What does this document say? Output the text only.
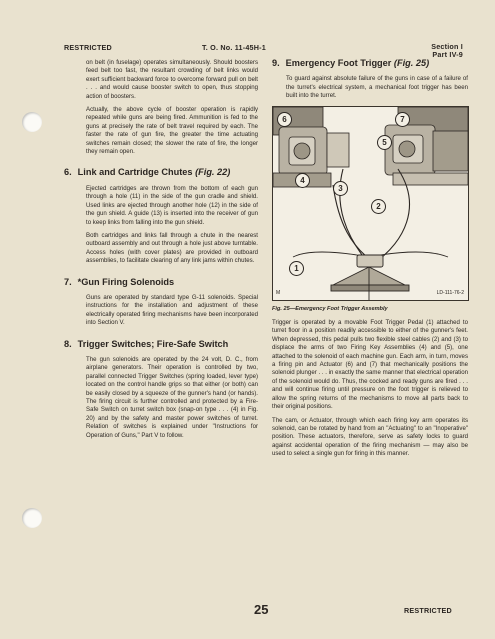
RESTRICTED	T. O. No. 11-45H-1	Section I
Part IV-9

on belt (in fuselage) operates simultaneously. Should boosters feed belt too fast, the resultant crowding of belt links would exert sufficient backward force to overcome forward pull on belt . . . and would cause booster switch to open, thus stopping action of boosters.

Actually, the above cycle of booster operation is rapidly repeated while guns are being fired. Ammunition is fed to the guns at precisely the rate of belt travel required by each. The faster the rate of gun fire, the greater the time actuating switches remain closed; the slower the rate of fire, the longer they remain open.

6. Link and Cartridge Chutes (Fig. 22)

Ejected cartridges are thrown from the bottom of each gun through a hole (11) in the side of the gun cradle and shield. Used links are ejected through another hole (12) in the side of the gun shield. A guide (13) is inserted into the receiver of gun to keep links from falling into the gun shield.

Both cartridges and links fall through a chute in the nearest outboard assembly and out through a hole just above turntable. Access holes (with cover plates) are provided in outboard assemblies, to facilitate clearing of any link jams within chutes.

7. *Gun Firing Solenoids

Guns are operated by standard type G-11 solenoids. Special instructions for the installation and adjustment of these electrically operated firing mechanisms have been incorporated into Section V.

8. Trigger Switches; Fire-Safe Switch

The gun solenoids are operated by the 24 volt, D. C., from airplane generators. Their operation is controlled by two, parallel connected Trigger Switches (spring loaded, lever type) located on the control handle grips so that either (or both) can be easily closed by a squeeze of the gunner's hand (or hands). The firing circuit is further controlled and protected by a Fire-Safe Switch on turret switch box (snap-on type . . . (4) in Fig. 20) and by the safety and master power switches of turret. Relation of switches is explained under "Instructions for Operation of Guns," Part V to follow.

9. Emergency Foot Trigger (Fig. 25)

To guard against absolute failure of the guns in case of a failure of the turret's electrical system, a mechanical foot trigger has been built into the turret.

6	7
5
4
3
2
1
M	LD-111-76-2
Fig. 25—Emergency Foot Trigger Assembly

Trigger is operated by a movable Foot Trigger Pedal (1) attached to turret floor in a position readily accessible to either of the gunner's feet. When depressed, this pedal pulls two flexible steel cables (2) and (3) to displace the arms of two Firing Key Assemblies (4) and (5), one attached to the solenoid of each machine gun. Each arm, in turn, moves a firing pin and Actuator (6) and (7) that mechanically positions the solenoid plunger . . . in exactly the same manner that electrical operation of the solenoid would do. Thus, the cocked and ready guns are fired . . . and will continue firing until pressure on the foot trigger is relieved to allow the spring returns of the mechanisms to move all parts back to their original positions.

The cam, or Actuator, through which each firing key arm operates its solenoid, can be rotated by hand from an "Actuating" to an "Inoperative" position. These actuators, therefore, serve as safety locks to guard against accidental operation of the firing mechanism — may also be used to select a single gun for firing in this manner.

25	RESTRICTED
